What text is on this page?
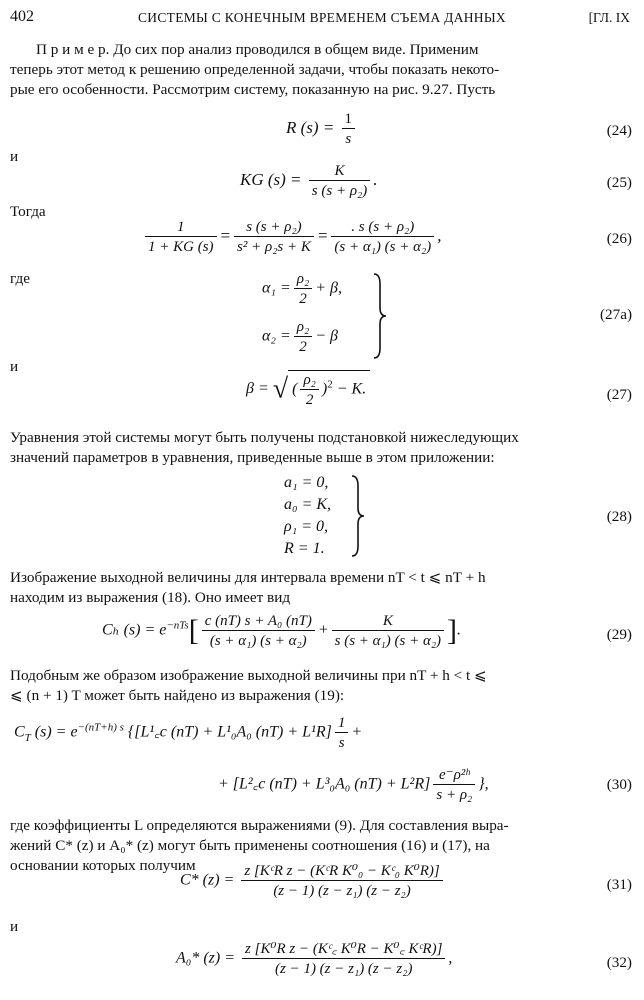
402	СИСТЕМЫ С КОНЕЧНЫМ ВРЕМЕНЕМ СЪЕМА ДАННЫХ	[ГЛ. IX
П р и м е р. До сих пор анализ проводился в общем виде. Применим
теперь этот метод к решению определенной задачи, чтобы показать некото-
рые его особенности. Рассмотрим систему, показанную на рис. 9.27. Пусть
R $(s) = \frac{1}{s}$	(24)
и
KG $(s) = \frac{K}{\text{s (s + ρ₂)}}$ .	(25)
Тогда
$\frac{1}{1 + KG (s)} = \frac{\text{s (s + ρ₂)}}{\text{s² + ρ₂s + K}} = \frac{\text{. s (s + ρ₂)}}{\text{(s + α₁) (s + α₂)}}$ ,	(26)
где
$\alpha_1 = \frac{\text{ρ₂}}{2} + \beta$,
$\alpha_2 = \frac{\text{ρ₂}}{2} - \beta$
(27a)
и
β = √ ( $\frac{\text{ρ₂}}{2} )^2 - K$.	(27)
Уравнения этой системы могут быть получены подстановкой нижеследующих
значений параметров в уравнения, приведенные выше в этом приложении:
a₁ = 0,
a₀ = K,
ρ₁ = 0,
R = 1.
(28)
Изображение выходной величины для интервала времени nT < t ⩽ nT + h
находим из выражения (18). Оно имеет вид
Cₕ $(s) = e^{-nTs}[ \frac{\text{c (nT) s + A₀ (nT)}}{\text{(s + α₁) (s + α₂)}} + \frac{K}{\text{s (s + α₁) (s + α₂)}}$ ].	(29)
Подобным же образом изображение выходной величины при nT + h < t ⩽
⩽ (n + 1) T может быть найдено из выражения (19):
$C_T$ $(s) = e^{-(nT+h) s}$ {[L¹꜀c (nT) + L¹₀A₀ $(nT) + L^1R] \frac{1}{s}$ +
+ [L²꜀c (nT) + L³₀A₀ $(nT) + L^2R] \frac{\text{e⁻ρ²ʰ}}{\text{s + ρ₂}}$ },	(30)
где коэффициенты L определяются выражениями (9). Для составления выра-
жений C* (z) и A₀* (z) могут быть применены соотношения (16) и (17), на
основании которых получим
C* $(z) = \frac{\text{z [KᶜR z − (KᶜR K⁰₀ − Kᶜ₀ K⁰R)]}}{\text{(z − 1) (z − z₁) (z − z₂)}}$	(31)
и
A₀* $(z) = \frac{\text{z [K⁰R z − (Kᶜ꜀ K⁰R − K⁰꜀ KᶜR)]}}{\text{(z − 1) (z − z₁) (z − z₂)}}$ ,	(32)
